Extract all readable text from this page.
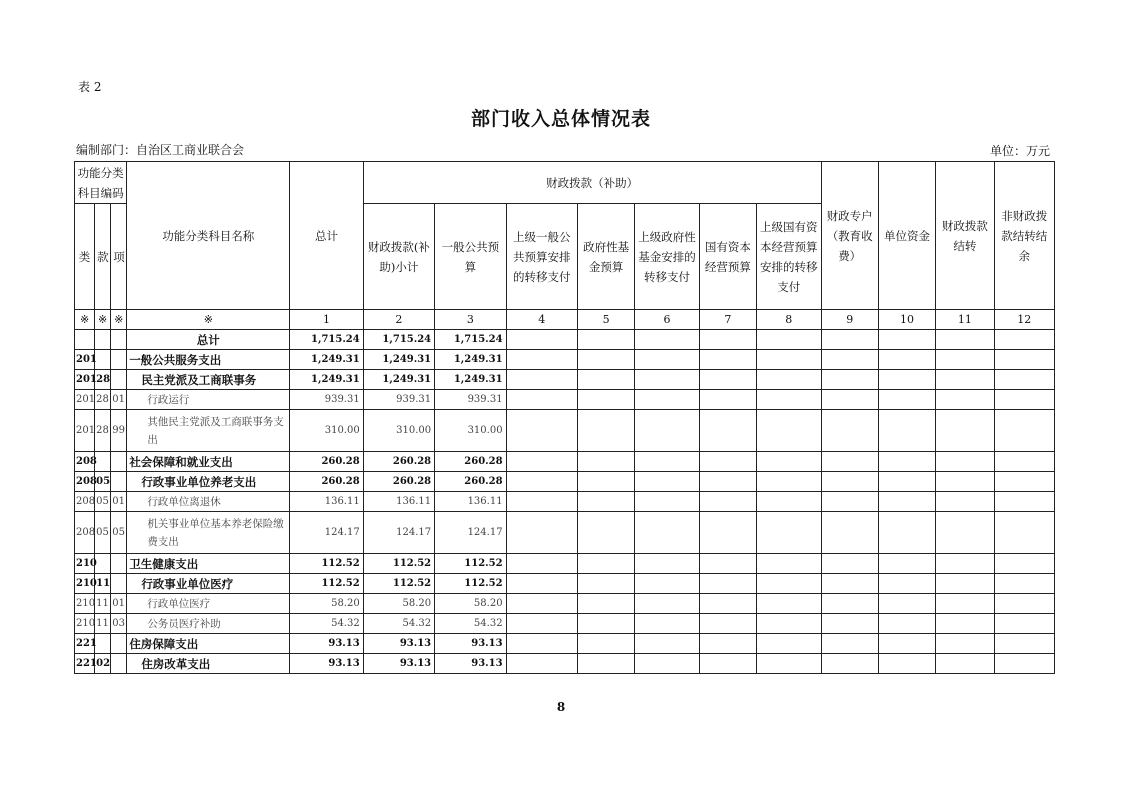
表 2
部门收入总体情况表
编制部门：自治区工商业联合会	单位：万元
功能分类科目编码			功能分类科目名称	总计	财政拨款（补助）							财政专户（教育收费）	单位资金	财政拨款结转	非财政拨款结转结余
类	款	项			财政拨款(补助)小计	一般公共预算	上级一般公共预算安排的转移支付	政府性基金预算	上级政府性基金安排的转移支付	国有资本经营预算	上级国有资本经营预算安排的转移支付				
※	※	※	※	1	2	3	4	5	6	7	8	9	10	11	12
			总计	1,715.24	1,715.24	1,715.24									
201			一般公共服务支出	1,249.31	1,249.31	1,249.31									
201	28		民主党派及工商联事务	1,249.31	1,249.31	1,249.31									
201	28	01	行政运行	939.31	939.31	939.31									
201	28	99	其他民主党派及工商联事务支出	310.00	310.00	310.00									
208			社会保障和就业支出	260.28	260.28	260.28									
208	05		行政事业单位养老支出	260.28	260.28	260.28									
208	05	01	行政单位离退休	136.11	136.11	136.11									
208	05	05	机关事业单位基本养老保险缴费支出	124.17	124.17	124.17									
210			卫生健康支出	112.52	112.52	112.52									
210	11		行政事业单位医疗	112.52	112.52	112.52									
210	11	01	行政单位医疗	58.20	58.20	58.20									
210	11	03	公务员医疗补助	54.32	54.32	54.32									
221			住房保障支出	93.13	93.13	93.13									
221	02		住房改革支出	93.13	93.13	93.13									
8
